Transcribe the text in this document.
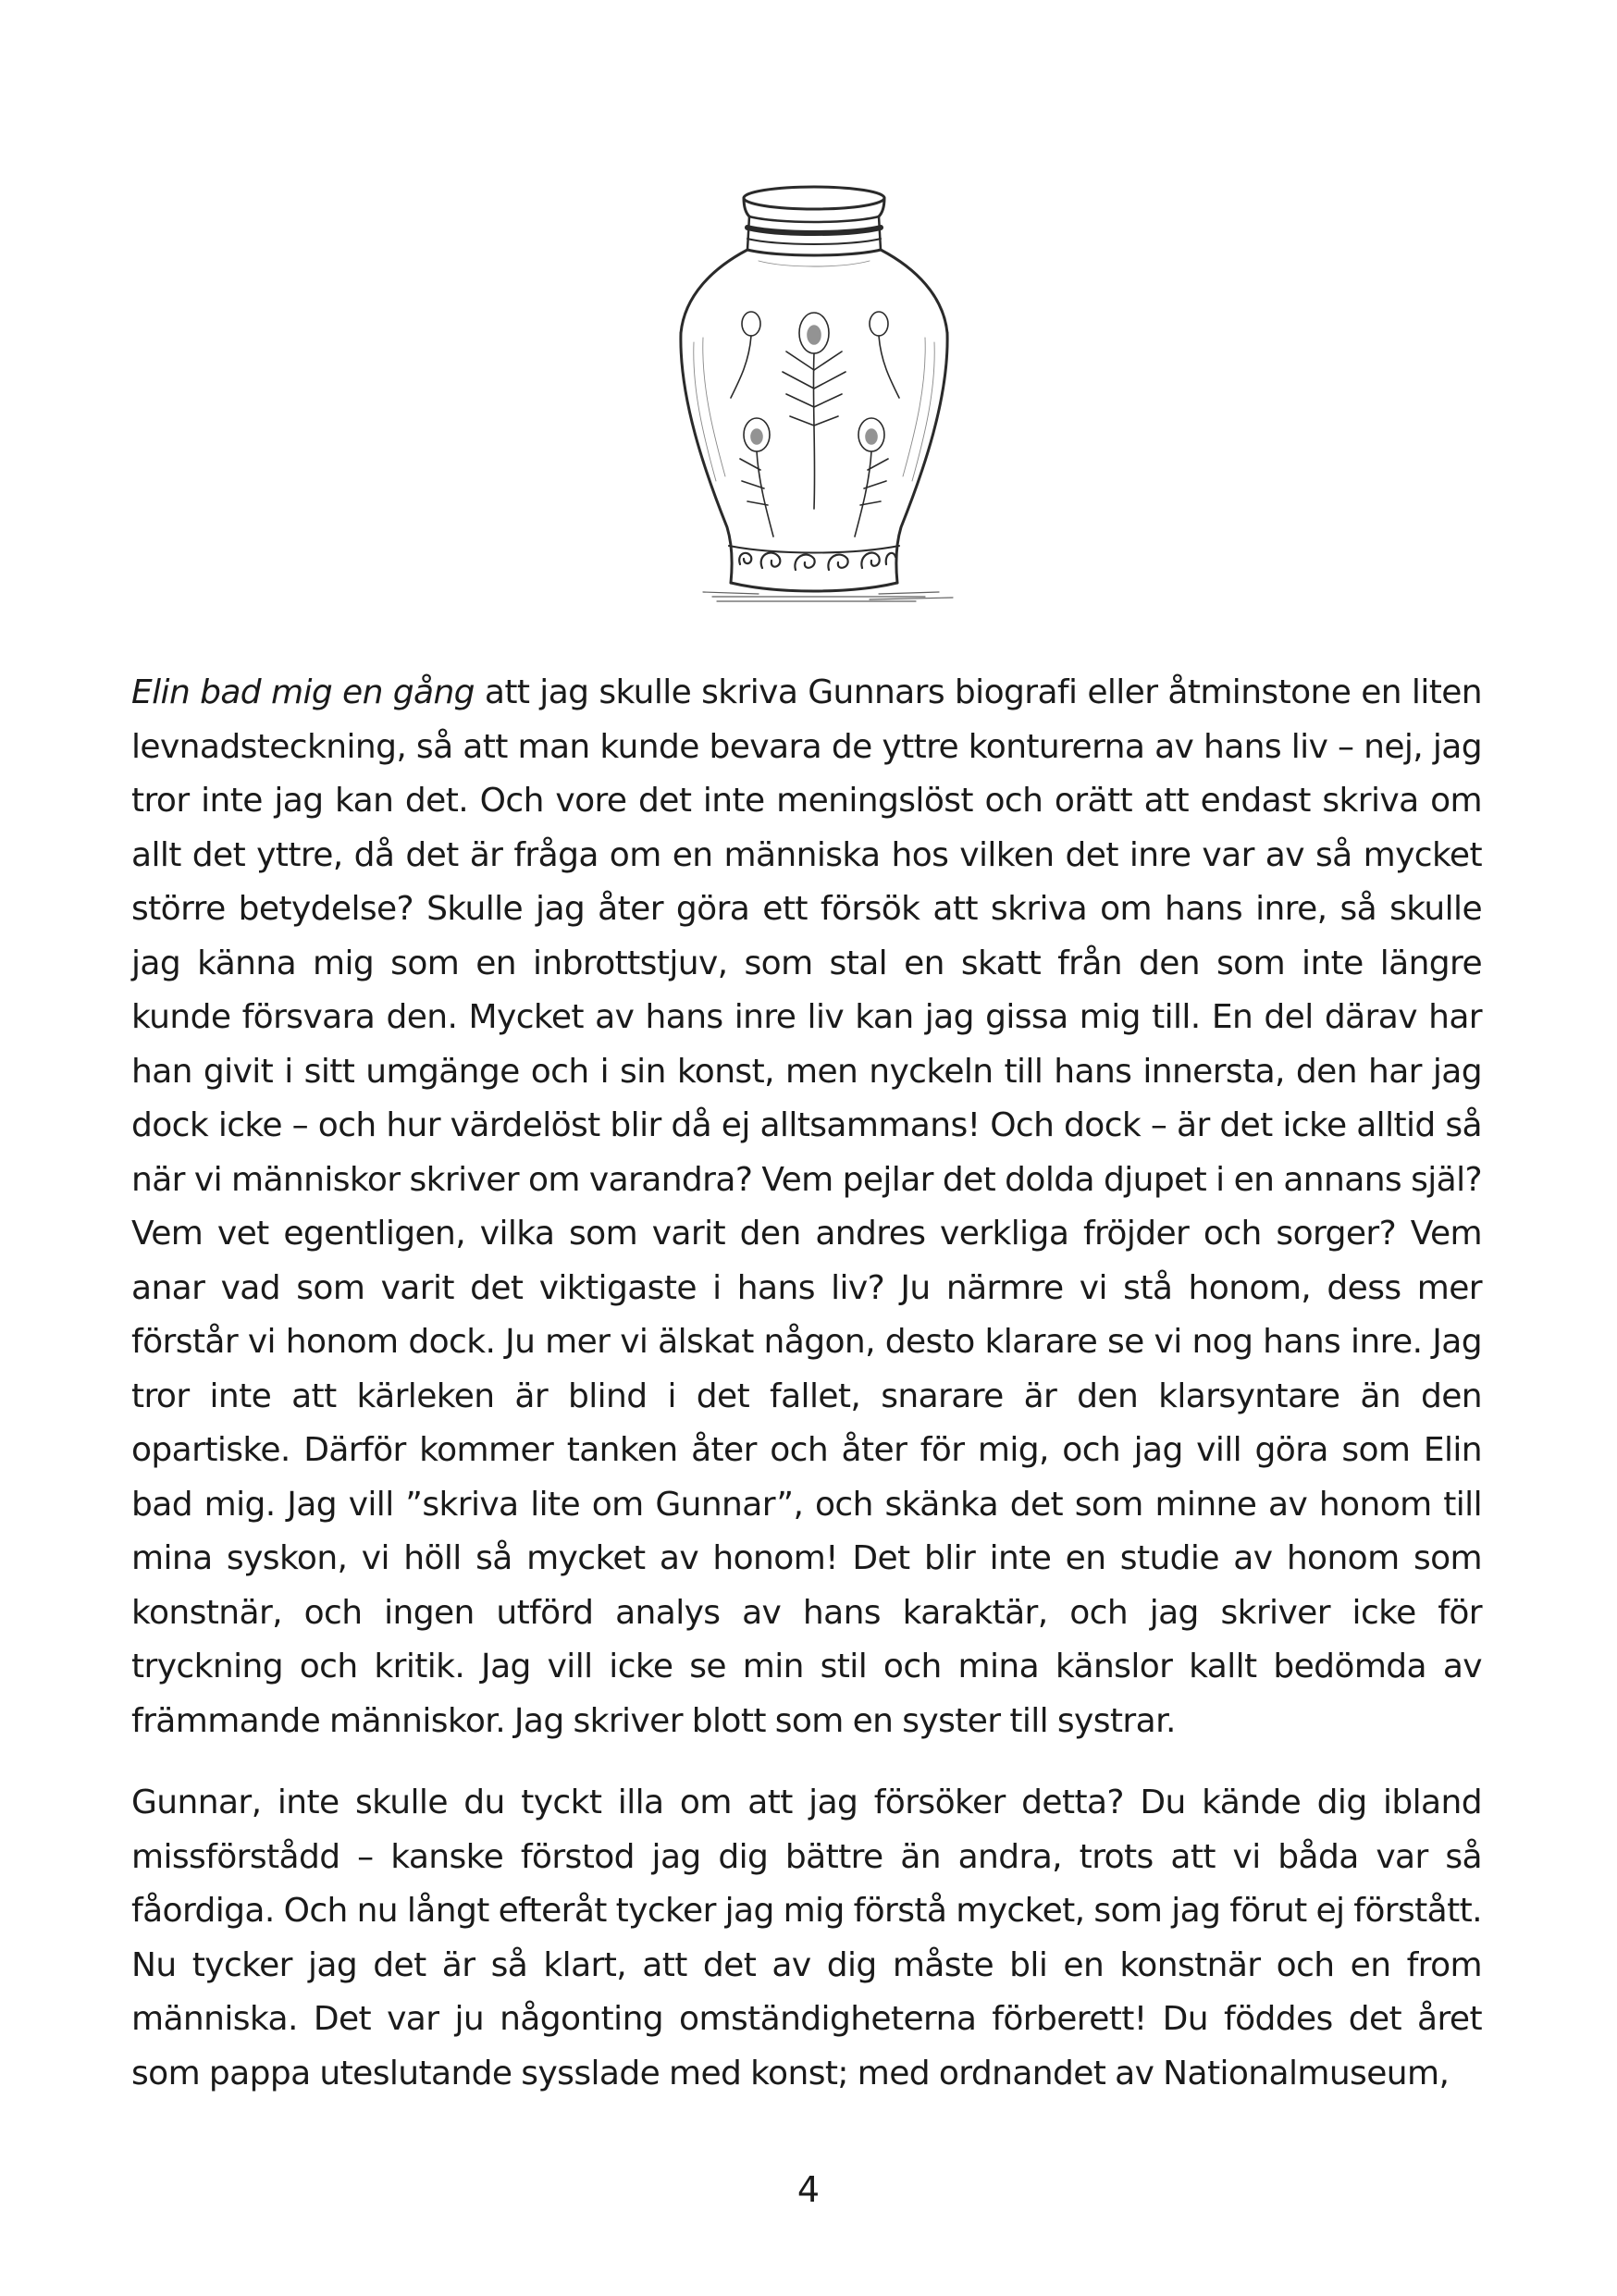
Elin bad mig en gång att jag skulle skriva Gunnars biografi eller åtminstone en liten levnadsteckning, så att man kunde bevara de yttre konturerna av hans liv – nej, jag tror inte jag kan det. Och vore det inte meningslöst och orätt att endast skriva om allt det yttre, då det är fråga om en människa hos vilken det inre var av så mycket större betydelse? Skulle jag åter göra ett försök att skriva om hans inre, så skulle jag känna mig som en inbrottstjuv, som stal en skatt från den som inte längre kunde försvara den. Mycket av hans inre liv kan jag gissa mig till. En del därav har han givit i sitt umgänge och i sin konst, men nyckeln till hans innersta, den har jag dock icke – och hur värdelöst blir då ej alltsammans! Och dock – är det icke alltid så när vi människor skriver om varandra? Vem pejlar det dolda djupet i en annans själ? Vem vet egentligen, vilka som varit den andres verkliga fröjder och sorger? Vem anar vad som varit det viktigaste i hans liv? Ju närmre vi stå honom, dess mer förstår vi honom dock. Ju mer vi älskat någon, desto klarare se vi nog hans inre. Jag tror inte att kärleken är blind i det fallet, snarare är den klarsyntare än den opartiske. Därför kommer tanken åter och åter för mig, och jag vill göra som Elin bad mig. Jag vill ”skriva lite om Gunnar”, och skänka det som minne av honom till mina syskon, vi höll så mycket av honom! Det blir inte en studie av honom som konstnär, och ingen utförd analys av hans karaktär, och jag skriver icke för tryckning och kritik. Jag vill icke se min stil och mina känslor kallt bedömda av främmande människor. Jag skriver blott som en syster till systrar.

Gunnar, inte skulle du tyckt illa om att jag försöker detta? Du kände dig ibland missförstådd – kanske förstod jag dig bättre än andra, trots att vi båda var så fåordiga. Och nu långt efteråt tycker jag mig förstå mycket, som jag förut ej förstått. Nu tycker jag det är så klart, att det av dig måste bli en konstnär och en from människa. Det var ju någonting omständigheterna förberett! Du föddes det året som pappa uteslutande sysslade med konst; med ordnandet av Nationalmuseum,

4
